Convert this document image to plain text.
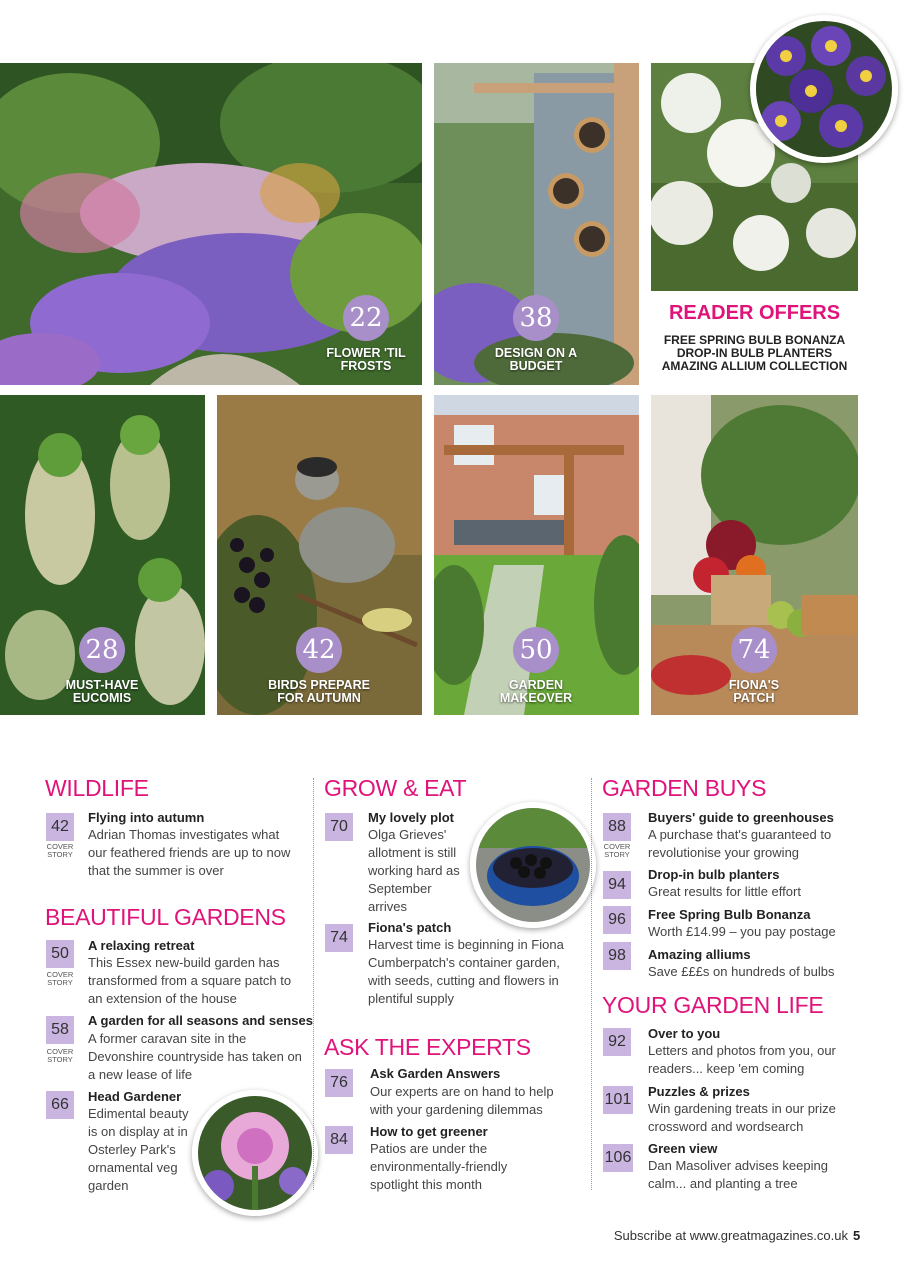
22
FLOWER 'TIL FROSTS
38
DESIGN ON A BUDGET
READER OFFERS
FREE SPRING BULB BONANZA
DROP-IN BULB PLANTERS
AMAZING ALLIUM COLLECTION
28
MUST-HAVE EUCOMIS
42
BIRDS PREPARE FOR AUTUMN
50
GARDEN MAKEOVER
74
FIONA'S PATCH
WILDLIFE
42
COVER STORY
Flying into autumn
Adrian Thomas investigates what our feathered friends are up to now that the summer is over
BEAUTIFUL GARDENS
50
COVER STORY
A relaxing retreat
This Essex new-build garden has transformed from a square patch to an extension of the house
58
COVER STORY
A garden for all seasons and senses
A former caravan site in the Devonshire countryside has taken on a new lease of life
66	Head Gardener
Edimental beauty is on display at in Osterley Park's ornamental veg garden
GROW & EAT
70
My lovely plot
Olga Grieves' allotment is still working hard as September arrives
74
Fiona's patch
Harvest time is beginning in Fiona Cumberpatch's container garden, with seeds, cutting and flowers in plentiful supply
ASK THE EXPERTS
76
Ask Garden Answers
Our experts are on hand to help with your gardening dilemmas
84	How to get greener
Patios are under the environmentally-friendly spotlight this month
GARDEN BUYS
88
COVER STORY
Buyers' guide to greenhouses
A purchase that's guaranteed to revolutionise your growing
94
Drop-in bulb planters
Great results for little effort
96	Free Spring Bulb Bonanza
Worth £14.99 – you pay postage
98	Amazing alliums
Save £££s on hundreds of bulbs
YOUR GARDEN LIFE
92	Over to you
Letters and photos from you, our readers... keep 'em coming
101 Puzzles & prizes
Win gardening treats in our prize crossword and wordsearch
106
Green view
Dan Masoliver advises keeping calm... and planting a tree
Subscribe at www.greatmagazines.co.uk 5
